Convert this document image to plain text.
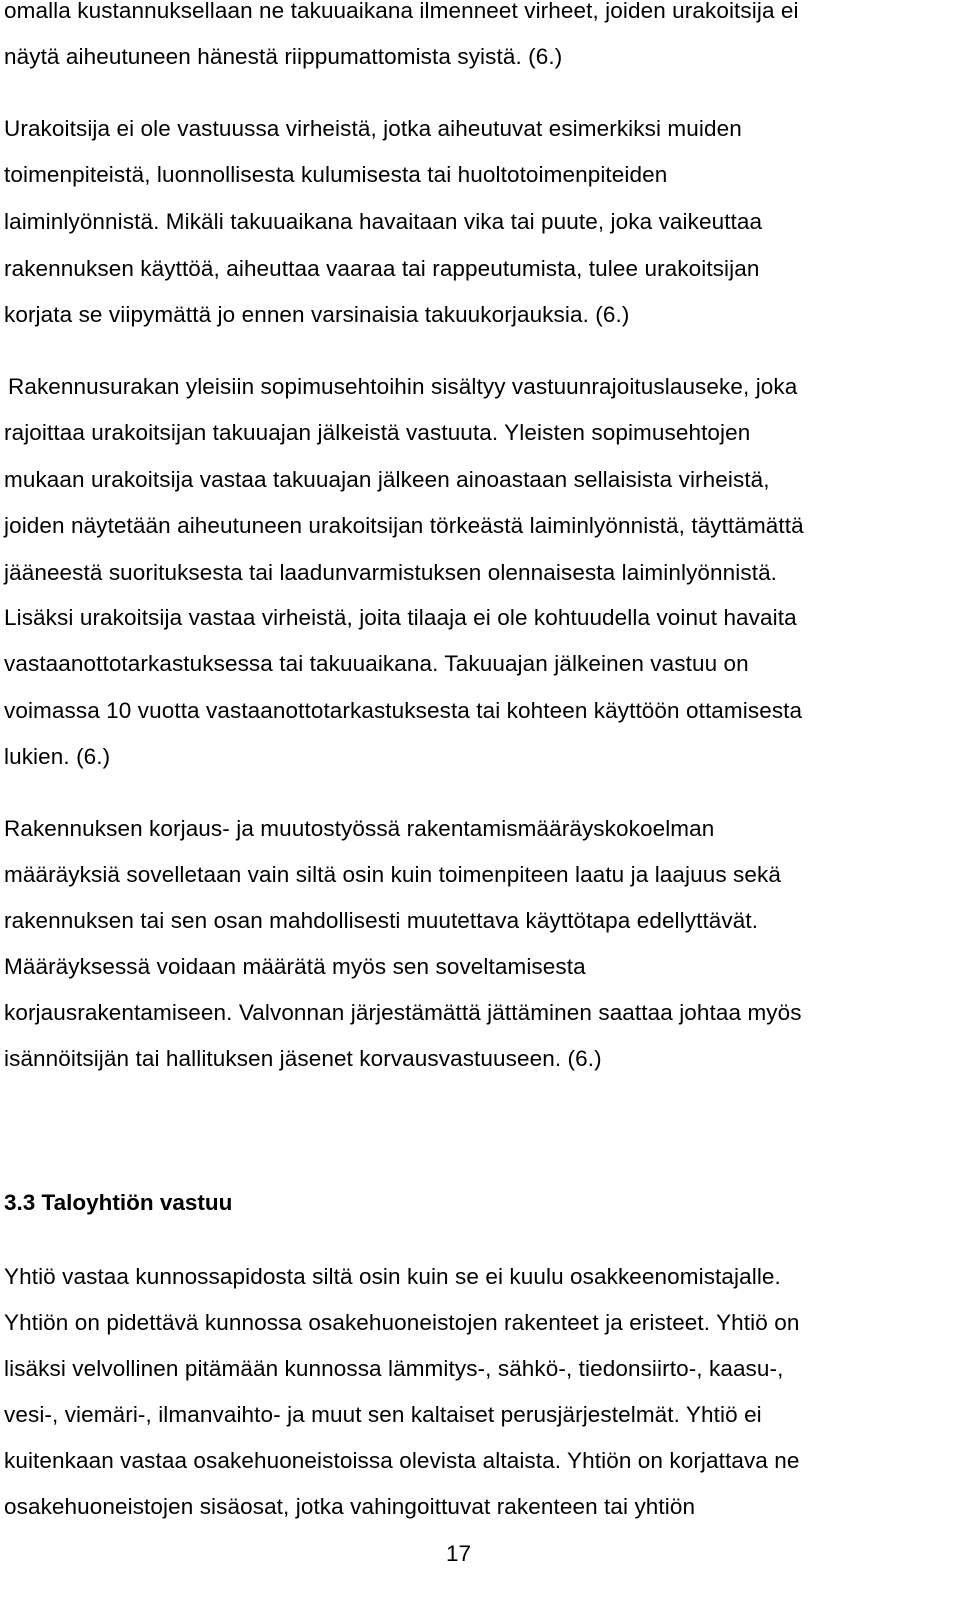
omalla kustannuksellaan ne takuuaikana ilmenneet virheet, joiden urakoitsija ei
näytä aiheutuneen hänestä riippumattomista syistä. (6.)
Urakoitsija ei ole vastuussa virheistä, jotka aiheutuvat esimerkiksi muiden
toimenpiteistä, luonnollisesta kulumisesta tai huoltotoimenpiteiden
laiminlyönnistä. Mikäli takuuaikana havaitaan vika tai puute, joka vaikeuttaa
rakennuksen käyttöä, aiheuttaa vaaraa tai rappeutumista, tulee urakoitsijan
korjata se viipymättä jo ennen varsinaisia takuukorjauksia. (6.)
Rakennusurakan yleisiin sopimusehtoihin sisältyy vastuunrajoituslauseke, joka
rajoittaa urakoitsijan takuuajan jälkeistä vastuuta. Yleisten sopimusehtojen
mukaan urakoitsija vastaa takuuajan jälkeen ainoastaan sellaisista virheistä,
joiden näytetään aiheutuneen urakoitsijan törkeästä laiminlyönnistä, täyttämättä
jääneestä suorituksesta tai laadunvarmistuksen olennaisesta laiminlyönnistä.
Lisäksi urakoitsija vastaa virheistä, joita tilaaja ei ole kohtuudella voinut havaita
vastaanottotarkastuksessa tai takuuaikana. Takuuajan jälkeinen vastuu on
voimassa 10 vuotta vastaanottotarkastuksesta tai kohteen käyttöön ottamisesta
lukien. (6.)
Rakennuksen korjaus- ja muutostyössä rakentamismääräyskokoelman
määräyksiä sovelletaan vain siltä osin kuin toimenpiteen laatu ja laajuus sekä
rakennuksen tai sen osan mahdollisesti muutettava käyttötapa edellyttävät.
Määräyksessä voidaan määrätä myös sen soveltamisesta
korjausrakentamiseen. Valvonnan järjestämättä jättäminen saattaa johtaa myös
isännöitsijän tai hallituksen jäsenet korvausvastuuseen. (6.)
3.3 Taloyhtiön vastuu
Yhtiö vastaa kunnossapidosta siltä osin kuin se ei kuulu osakkeenomistajalle.
Yhtiön on pidettävä kunnossa osakehuoneistojen rakenteet ja eristeet. Yhtiö on
lisäksi velvollinen pitämään kunnossa lämmitys-, sähkö-, tiedonsiirto-, kaasu-,
vesi-, viemäri-, ilmanvaihto- ja muut sen kaltaiset perusjärjestelmät. Yhtiö ei
kuitenkaan vastaa osakehuoneistoissa olevista altaista. Yhtiön on korjattava ne
osakehuoneistojen sisäosat, jotka vahingoittuvat rakenteen tai yhtiön
17
